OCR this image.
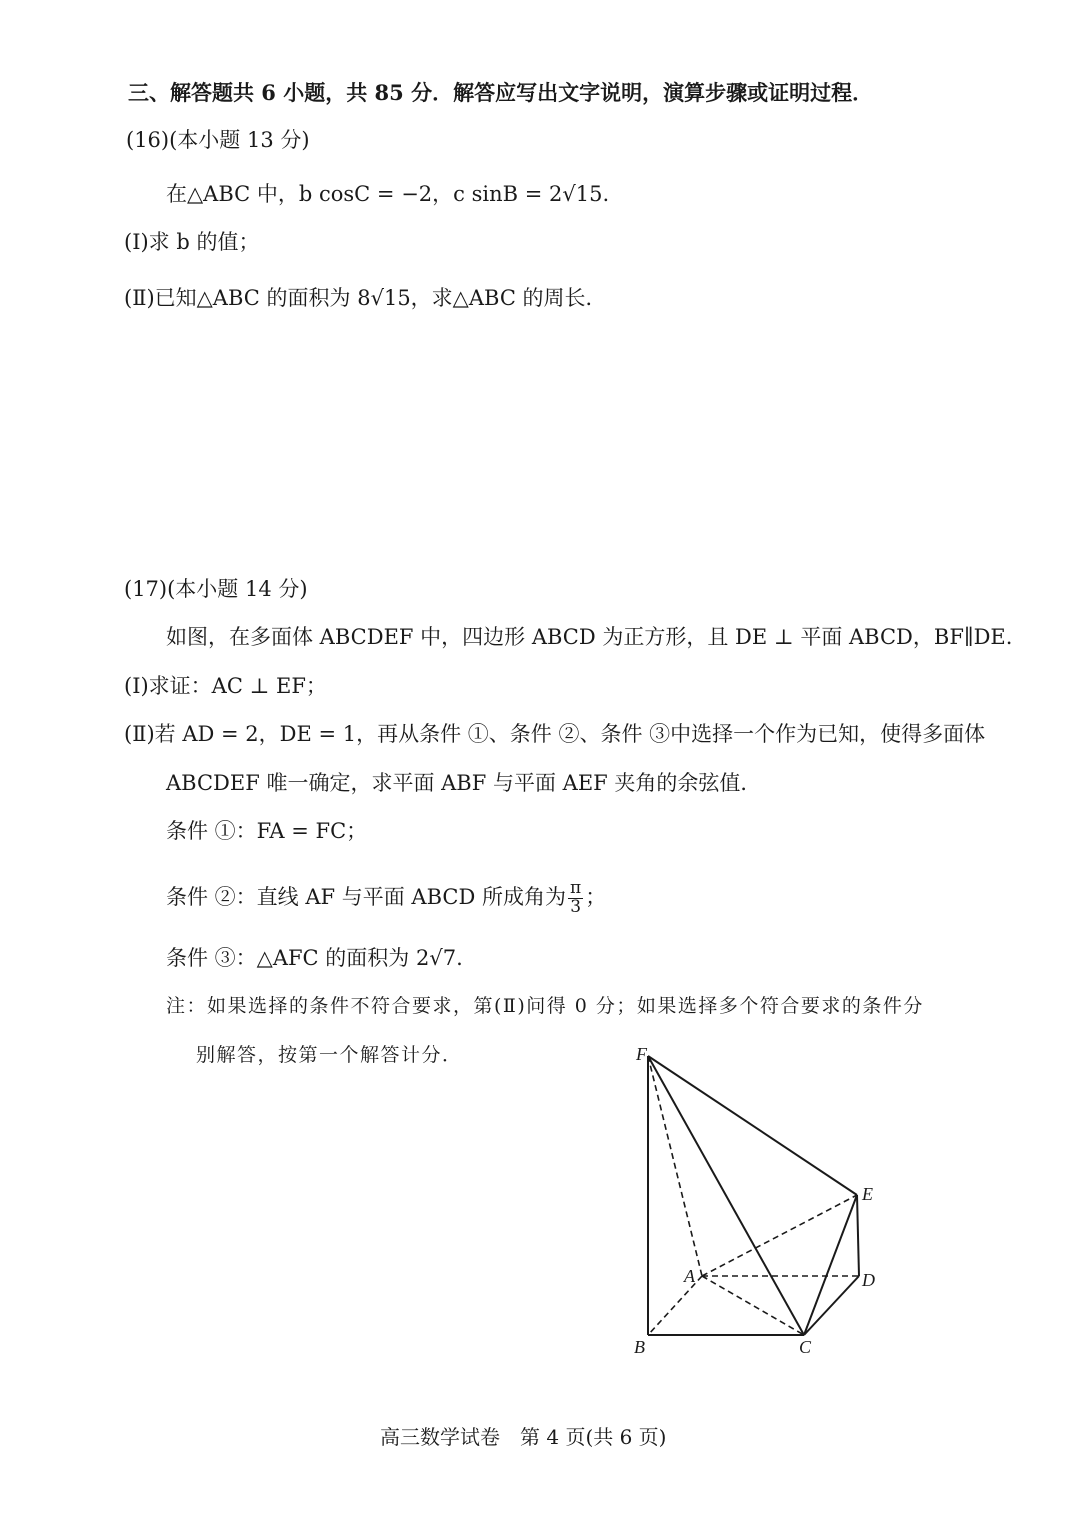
三、解答题共 6 小题，共 85 分．解答应写出文字说明，演算步骤或证明过程．
(16)(本小题 13 分)
在△ABC 中，b cosC = −2，c sinB = 2√15.
(Ⅰ)求 b 的值；
(Ⅱ)已知△ABC 的面积为 8√15，求△ABC 的周长．
(17)(本小题 14 分)
如图，在多面体 ABCDEF 中，四边形 ABCD 为正方形，且 DE ⊥ 平面 ABCD，BF∥DE.
(Ⅰ)求证：AC ⊥ EF；
(Ⅱ)若 AD = 2，DE = 1，再从条件 ①、条件 ②、条件 ③中选择一个作为已知，使得多面体
ABCDEF 唯一确定，求平面 ABF 与平面 AEF 夹角的余弦值．
条件 ①：FA = FC；
条件 ②：直线 AF 与平面 ABCD 所成角为 $\frac{\pi}{3}$ ；
条件 ③：△AFC 的面积为 2√7.
注：如果选择的条件不符合要求，第(Ⅱ)问得 0 分；如果选择多个符合要求的条件分
别解答，按第一个解答计分．	F
E
A	D
B	C
高三数学试卷　第 4 页(共 6 页)
